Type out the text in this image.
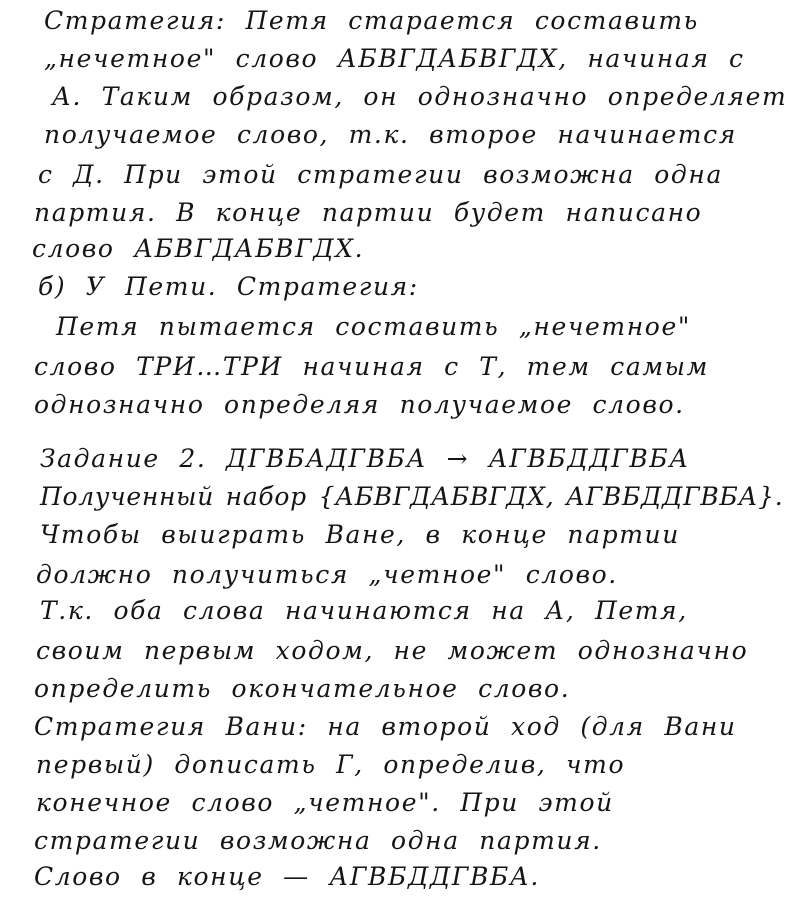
Стратегия: Петя старается составить
„нечетное" слово АБВГДАБВГДХ, начиная с
А. Таким образом, он однозначно определяет
получаемое слово, т.к. второе начинается
с Д. При этой стратегии возможна одна
партия. В конце партии будет написано
слово АБВГДАБВГДХ.
б) У Пети. Стратегия:
Петя пытается составить „нечетное"
слово ТРИ…ТРИ начиная с Т, тем самым
однозначно определяя получаемое слово.
Задание 2. ДГВБАДГВБА → АГВБДДГВБА
Полученный набор {АБВГДАБВГДХ, АГВБДДГВБА}.
Чтобы выиграть Ване, в конце партии
должно получиться „четное" слово.
Т.к. оба слова начинаются на А, Петя,
своим первым ходом, не может однозначно
определить окончательное слово.
Стратегия Вани: на второй ход (для Вани
первый) дописать Г, определив, что
конечное слово „четное". При этой
стратегии возможна одна партия.
Слово в конце — АГВБДДГВБА.
